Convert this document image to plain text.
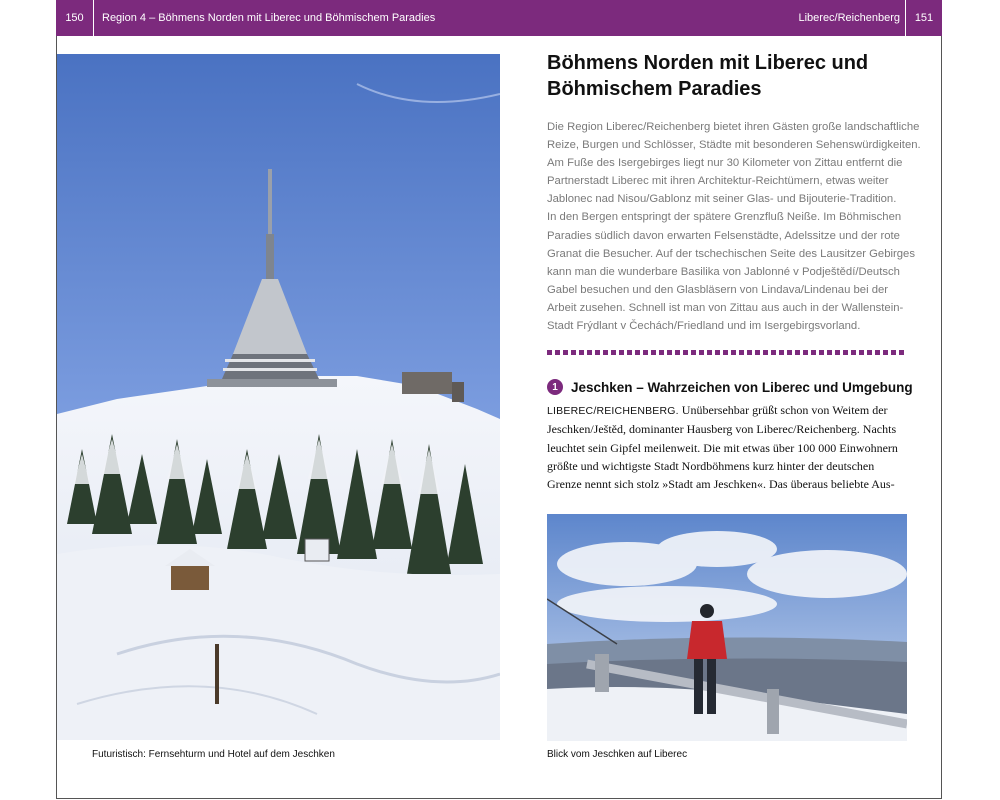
150	Region 4 – Böhmens Norden mit Liberec und Böhmischem Paradies	Liberec/Reichenberg	151
Futuristisch: Fernsehturm und Hotel auf dem Jeschken
Böhmens Norden mit Liberec und
Böhmischem Paradies

Die Region Liberec/Reichenberg bietet ihren Gästen große landschaftliche
Reize, Burgen und Schlösser, Städte mit besonderen Sehenswürdigkeiten.
Am Fuße des Isergebirges liegt nur 30 Kilometer von Zittau entfernt die
Partnerstadt Liberec mit ihren Architektur-Reichtümern, etwas weiter
Jablonec nad Nisou/Gablonz mit seiner Glas- und Bijouterie-Tradition.
In den Bergen entspringt der spätere Grenzfluß Neiße. Im Böhmischen
Paradies südlich davon erwarten Felsenstädte, Adelssitze und der rote
Granat die Besucher. Auf der tschechischen Seite des Lausitzer Gebirges
kann man die wunderbare Basilika von Jablonné v Podještědí/Deutsch
Gabel besuchen und den Glasbläsern von Lindava/Lindenau bei der
Arbeit zusehen. Schnell ist man von Zittau aus auch in der Wallenstein-
Stadt Frýdlant v Čechách/Friedland und im Isergebirgsvorland.

1 Jeschken – Wahrzeichen von Liberec und Umgebung

LIBEREC/REICHENBERG. Unübersehbar grüßt schon von Weitem der
Jeschken/Ještěd, dominanter Hausberg von Liberec/Reichenberg. Nachts
leuchtet sein Gipfel meilenweit. Die mit etwas über 100 000 Einwohnern
größte und wichtigste Stadt Nordböhmens kurz hinter der deutschen
Grenze nennt sich stolz »Stadt am Jeschken«. Das überaus beliebte Aus-

Blick vom Jeschken auf Liberec
